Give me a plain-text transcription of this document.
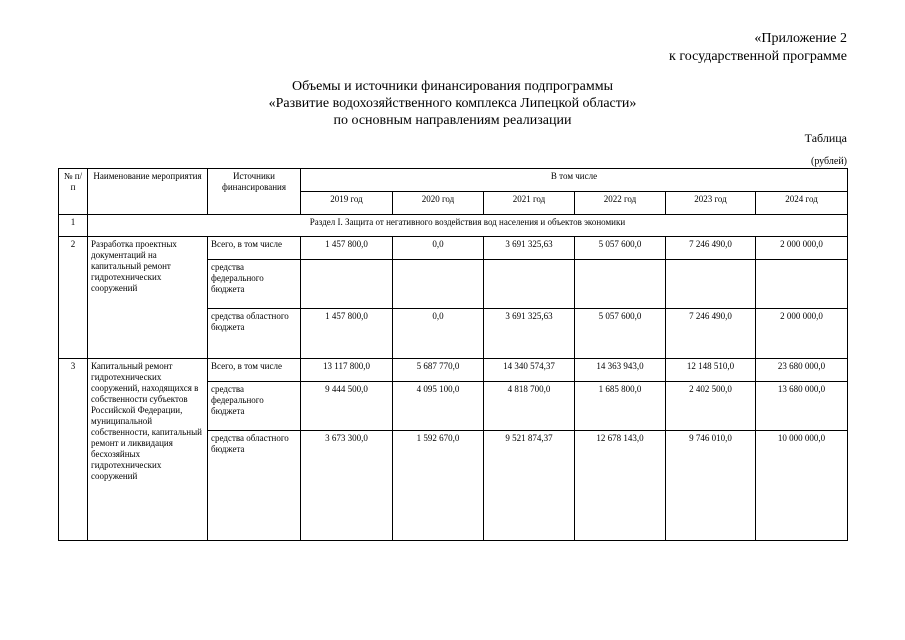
«Приложение 2
к государственной программе
Объемы и источники финансирования подпрограммы
«Развитие водохозяйственного комплекса Липецкой области»
по основным направлениям реализации
Таблица
(рублей)
№ п/п	Наименование мероприятия	Источники финансирования	В том числе					
			2019 год	2020 год	2021 год	2022 год	2023 год	2024 год
1	Раздел I. Защита от негативного воздействия вод населения и объектов экономики							
2	Разработка проектных документаций на капитальный ремонт гидротехнических сооружений	Всего, в том числе	1 457 800,0	0,0	3 691 325,63	5 057 600,0	7 246 490,0	2 000 000,0
		средства федерального бюджета						
		средства областного бюджета	1 457 800,0	0,0	3 691 325,63	5 057 600,0	7 246 490,0	2 000 000,0
3	Капитальный ремонт гидротехнических сооружений, находящихся в собственности субъектов Российской Федерации, муниципальной собственности, капитальный ремонт и ликвидация бесхозяйных гидротехнических сооружений	Всего, в том числе	13 117 800,0	5 687 770,0	14 340 574,37	14 363 943,0	12 148 510,0	23 680 000,0
		средства федерального бюджета	9 444 500,0	4 095 100,0	4 818 700,0	1 685 800,0	2 402 500,0	13 680 000,0
		средства областного бюджета	3 673 300,0	1 592 670,0	9 521 874,37	12 678 143,0	9 746 010,0	10 000 000,0
